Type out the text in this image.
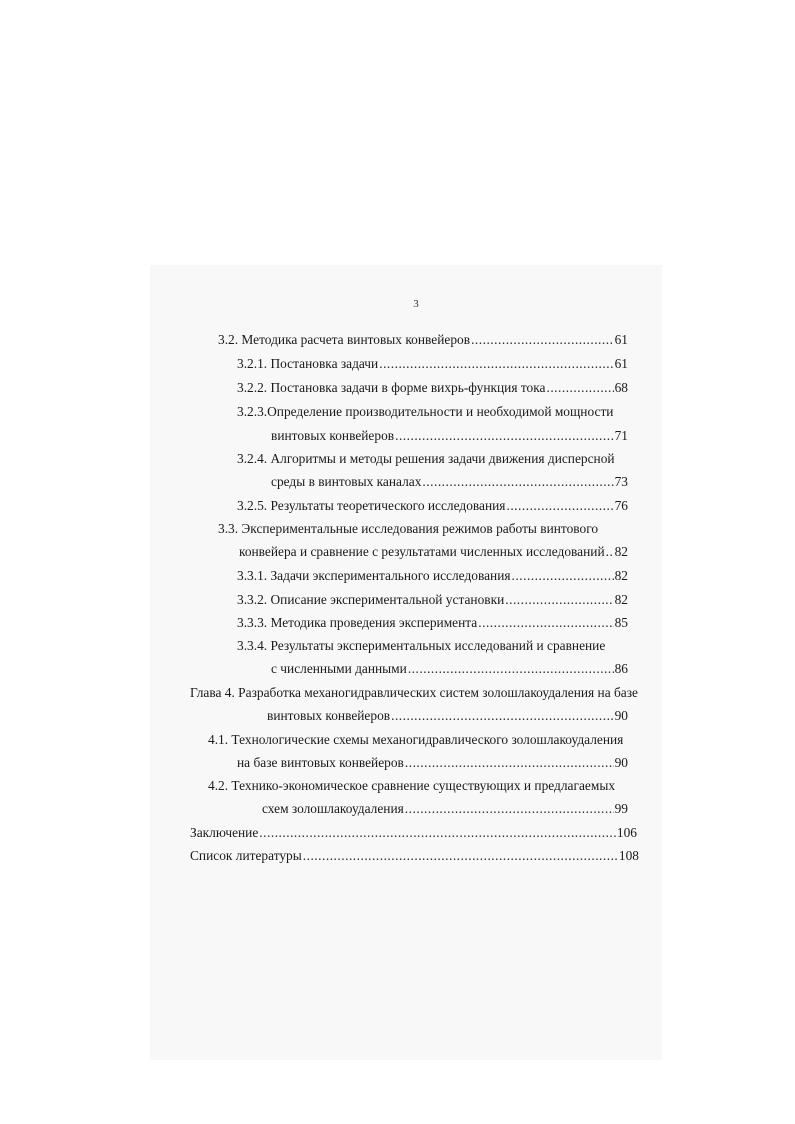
3
3.2. Методика расчета винтовых конвейеров .....	61
3.2.1. Постановка задачи .....	61
3.2.2. Постановка задачи в форме вихрь-функция тока .....	68
3.2.3.Определение производительности и необходимой мощности
винтовых конвейеров .....	71
3.2.4. Алгоритмы и методы решения задачи движения дисперсной
среды в винтовых каналах .....	73
3.2.5. Результаты теоретического исследования .....	76
3.3. Экспериментальные исследования режимов работы винтового
конвейера и сравнение с результатами численных исследований ..... 82
3.3.1. Задачи экспериментального исследования .....	82
3.3.2. Описание экспериментальной установки .....	82
3.3.3. Методика проведения эксперимента .....	85
3.3.4. Результаты экспериментальных исследований и сравнение
с численными данными .....	86
Глава 4. Разработка механогидравлических систем золошлакоудаления на базе
винтовых конвейеров .....	90
4.1. Технологические схемы механогидравлического золошлакоудаления
на базе винтовых конвейеров .....	90
4.2. Технико-экономическое сравнение существующих и предлагаемых
схем золошлакоудаления .....	99
Заключение .....	106
Список литературы .....	108
